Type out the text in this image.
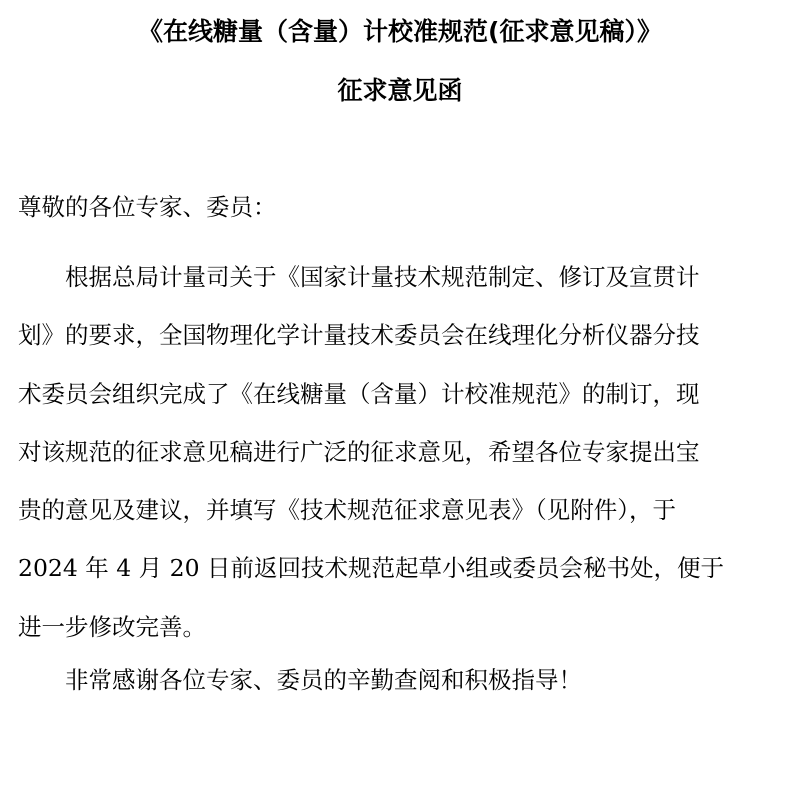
《在线糖量（含量）计校准规范(征求意见稿）》
征求意见函
尊敬的各位专家、委员：
根据总局计量司关于《国家计量技术规范制定、修订及宣贯计
划》的要求，全国物理化学计量技术委员会在线理化分析仪器分技
术委员会组织完成了《在线糖量（含量）计校准规范》的制订，现
对该规范的征求意见稿进行广泛的征求意见，希望各位专家提出宝
贵的意见及建议，并填写《技术规范征求意见表》（见附件），于
2024 年 4 月 20 日前返回技术规范起草小组或委员会秘书处，便于
进一步修改完善。
非常感谢各位专家、委员的辛勤查阅和积极指导！
